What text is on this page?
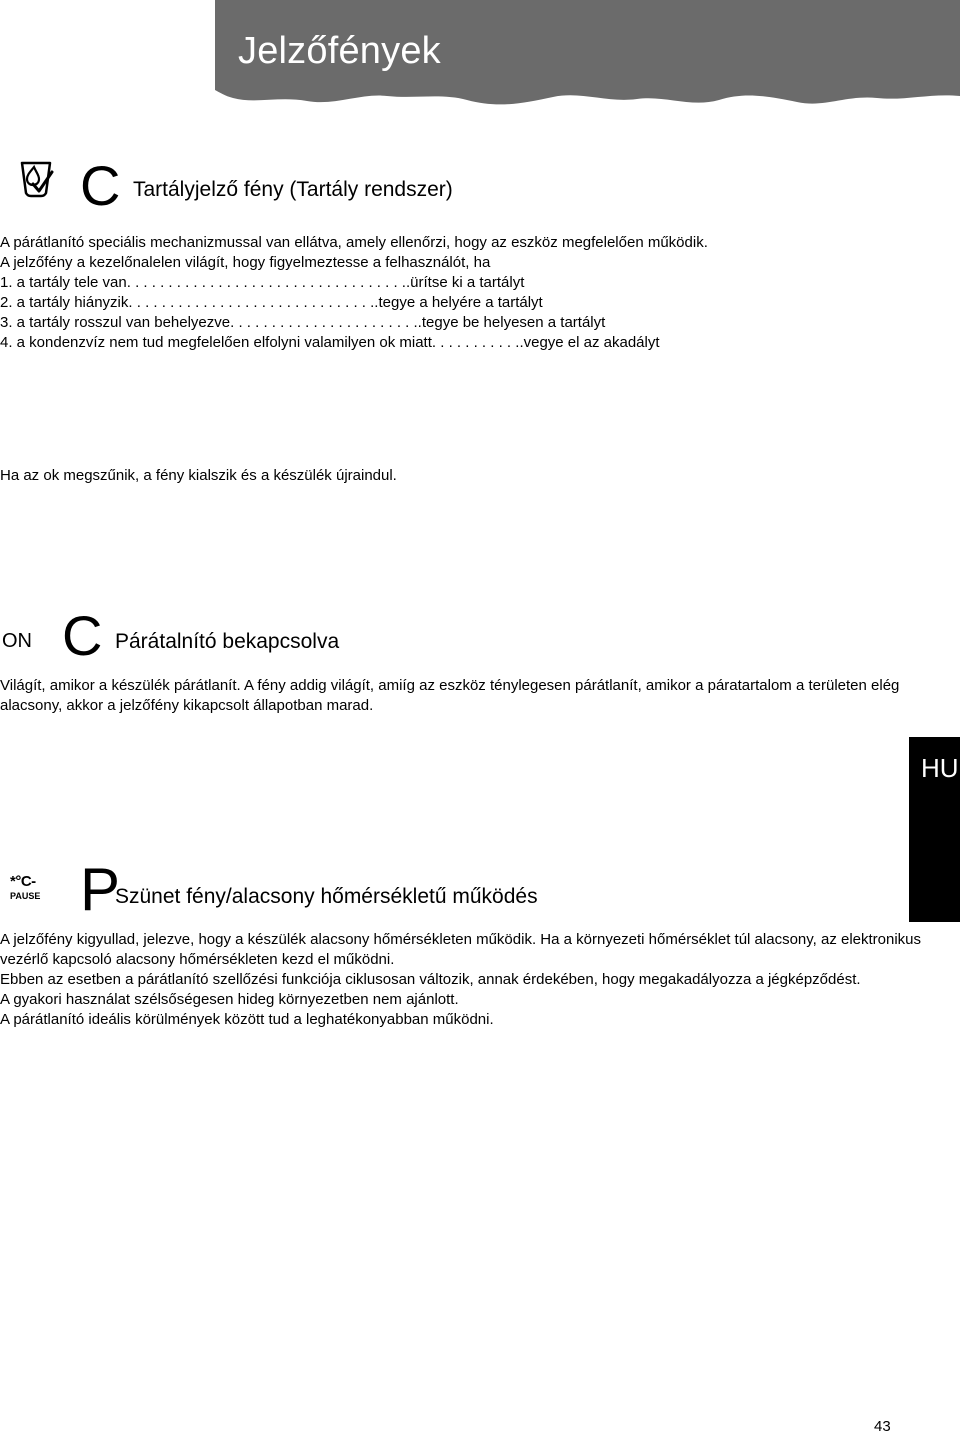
Jelzőfények
C Tartályjelző fény (Tartály rendszer)

A párátlanító speciális mechanizmussal van ellátva, amely ellenőrzi, hogy az eszköz megfelelően működik.

A jelzőfény a kezelőnalelen világít, hogy figyelmeztesse a felhasználót, ha

1. a tartály tele van. . . . . . . . . . . . . . . . . . . . . . . . . . . . . . . . . ..ürítse ki a tartályt

2. a tartály hiányzik. . . . . . . . . . . . . . . . . . . . . . . . . . . . . ..tegye a helyére a tartályt

3. a tartály rosszul van behelyezve. . . . . . . . . . . . . . . . . . . . . . ..tegye be helyesen a tartályt

4. a kondenzvíz nem tud megfelelően elfolyni valamilyen ok miatt. . . . . . . . . . ..vegye el az akadályt

Ha az ok megszűnik, a fény kialszik és a készülék újraindul.
ON C Párátalnító bekapcsolva
Világít, amikor a készülék párátlanít. A fény addig világít, amiíg az eszköz ténylegesen párátlanít, amikor a páratartalom a területen elég alacsony, akkor a jelzőfény kikapcsolt állapotban marad.
HU
*°C-
PAUSE P
Szünet fény/alacsony hőmérsékletű működés

A jelzőfény kigyullad, jelezve, hogy a készülék alacsony hőmérsékleten működik. Ha a környezeti hőmérséklet túl alacsony, az elektronikus vezérlő kapcsoló alacsony hőmérsékleten kezd el működni.

Ebben az esetben a párátlanító szellőzési funkciója ciklusosan változik, annak érdekében, hogy megakadályozza a jégképződést.

A gyakori használat szélsőségesen hideg környezetben nem ajánlott.

A párátlanító ideális körülmények között tud a leghatékonyabban működni.

43
